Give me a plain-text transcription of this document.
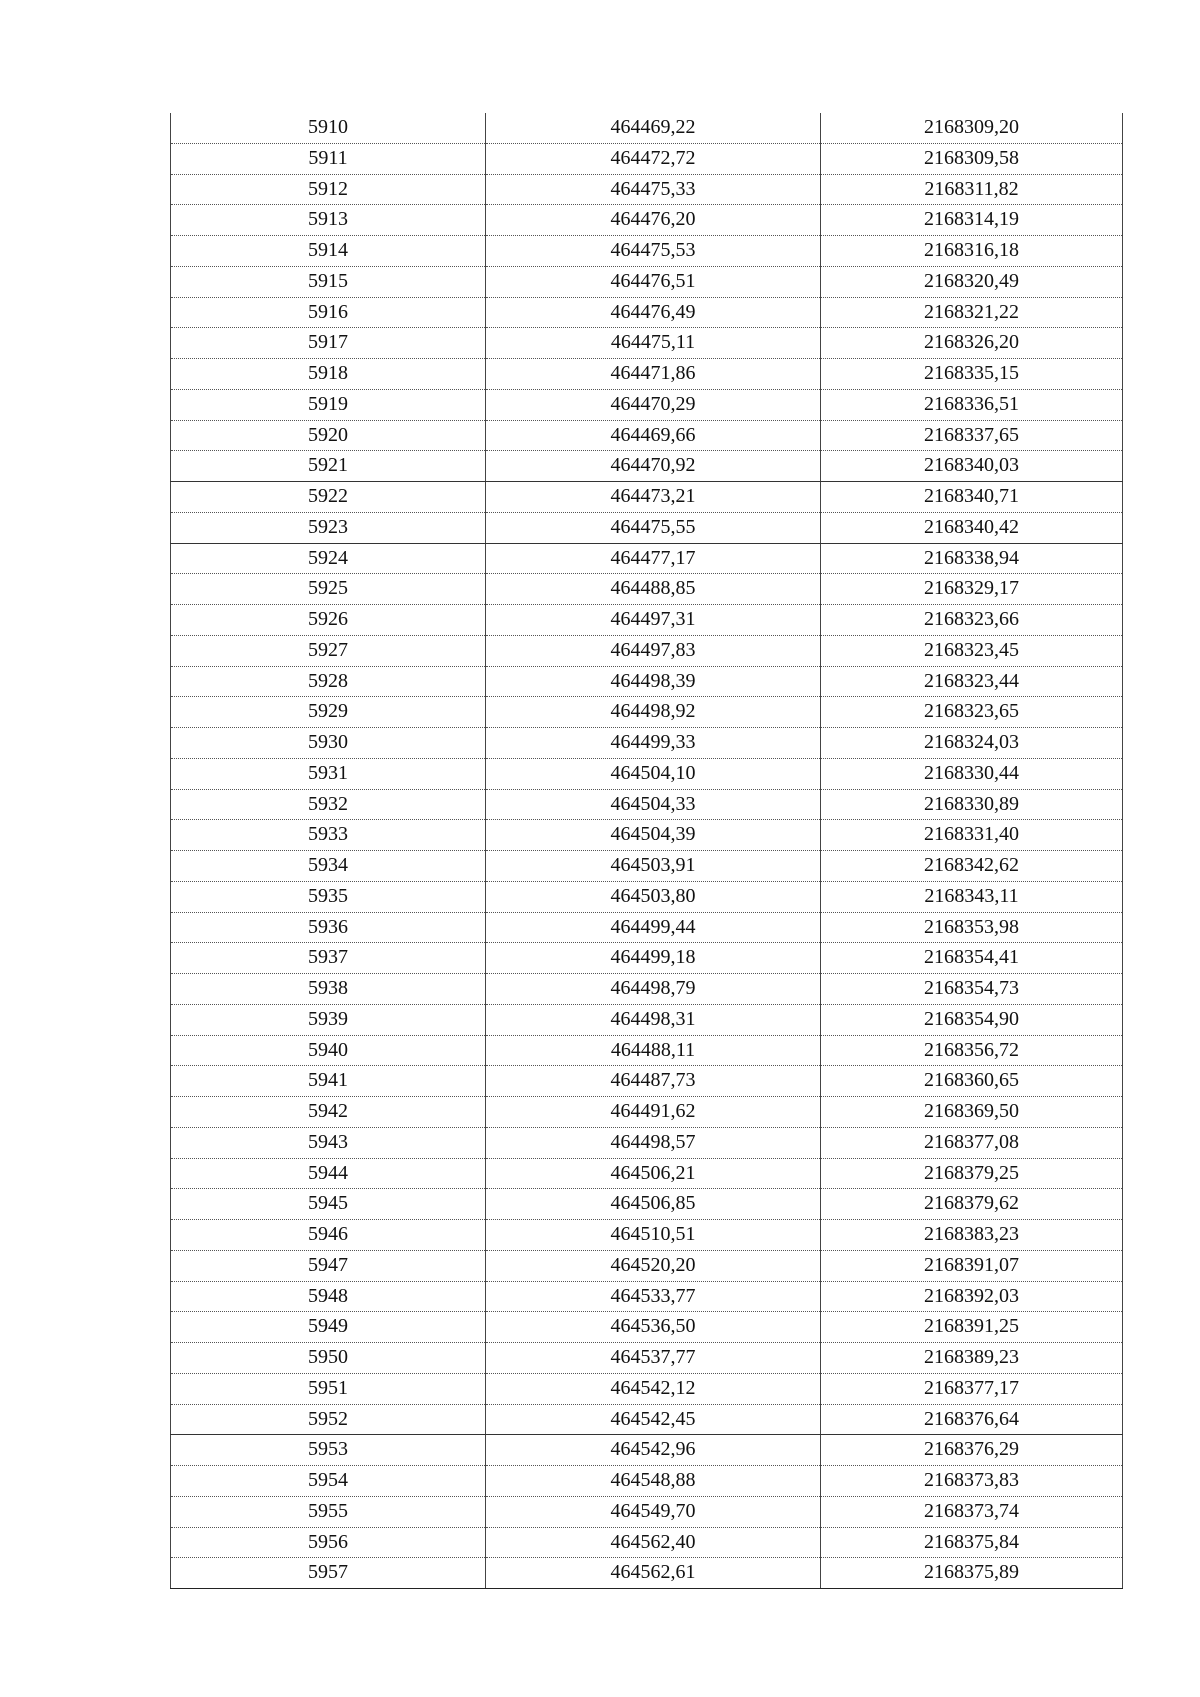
5910	464469,22	2168309,20
5911	464472,72	2168309,58
5912	464475,33	2168311,82
5913	464476,20	2168314,19
5914	464475,53	2168316,18
5915	464476,51	2168320,49
5916	464476,49	2168321,22
5917	464475,11	2168326,20
5918	464471,86	2168335,15
5919	464470,29	2168336,51
5920	464469,66	2168337,65
5921	464470,92	2168340,03
5922	464473,21	2168340,71
5923	464475,55	2168340,42
5924	464477,17	2168338,94
5925	464488,85	2168329,17
5926	464497,31	2168323,66
5927	464497,83	2168323,45
5928	464498,39	2168323,44
5929	464498,92	2168323,65
5930	464499,33	2168324,03
5931	464504,10	2168330,44
5932	464504,33	2168330,89
5933	464504,39	2168331,40
5934	464503,91	2168342,62
5935	464503,80	2168343,11
5936	464499,44	2168353,98
5937	464499,18	2168354,41
5938	464498,79	2168354,73
5939	464498,31	2168354,90
5940	464488,11	2168356,72
5941	464487,73	2168360,65
5942	464491,62	2168369,50
5943	464498,57	2168377,08
5944	464506,21	2168379,25
5945	464506,85	2168379,62
5946	464510,51	2168383,23
5947	464520,20	2168391,07
5948	464533,77	2168392,03
5949	464536,50	2168391,25
5950	464537,77	2168389,23
5951	464542,12	2168377,17
5952	464542,45	2168376,64
5953	464542,96	2168376,29
5954	464548,88	2168373,83
5955	464549,70	2168373,74
5956	464562,40	2168375,84
5957	464562,61	2168375,89
